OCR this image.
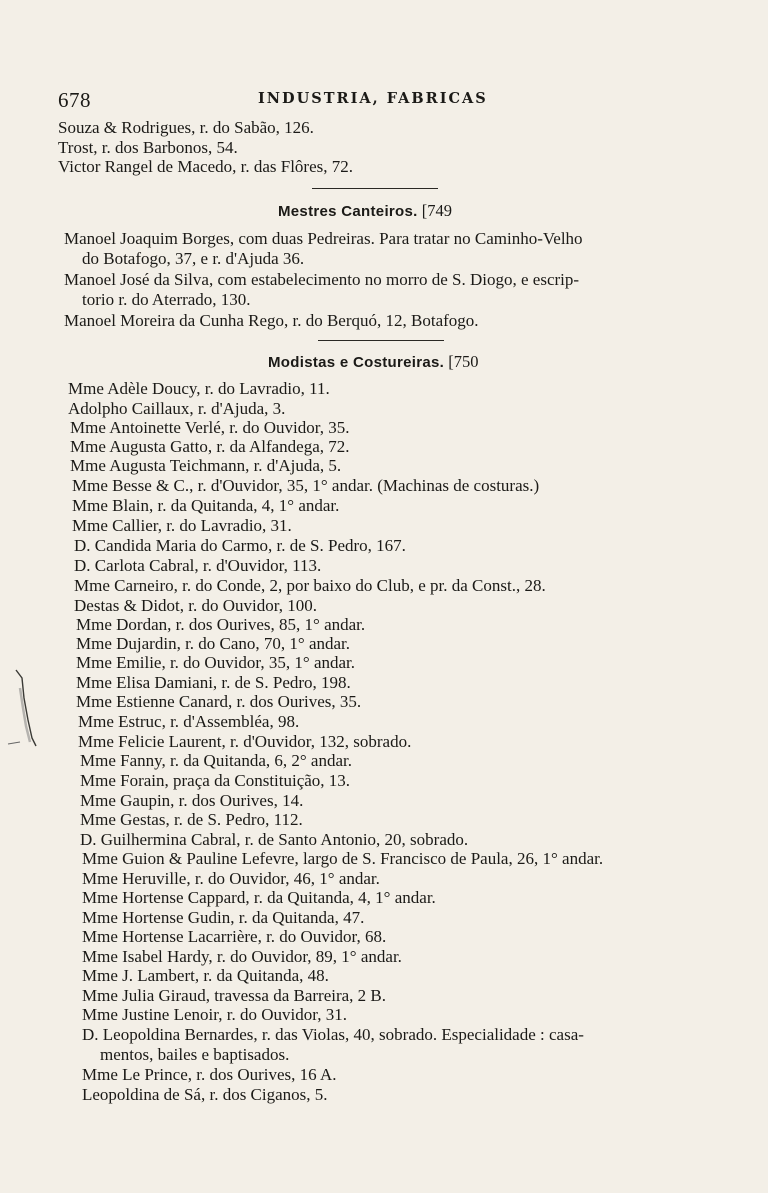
678	INDUSTRIA, FABRICAS
Souza & Rodrigues, r. do Sabão, 126.
Trost, r. dos Barbonos, 54.
Victor Rangel de Macedo, r. das Flôres, 72.
Mestres Canteiros. [749
Manoel Joaquim Borges, com duas Pedreiras. Para tratar no Caminho-Velho
do Botafogo, 37, e r. d'Ajuda 36.
Manoel José da Silva, com estabelecimento no morro de S. Diogo, e escrip-
torio r. do Aterrado, 130.
Manoel Moreira da Cunha Rego, r. do Berquó, 12, Botafogo.
Modistas e Costureiras. [750
Mme Adèle Doucy, r. do Lavradio, 11.
Adolpho Caillaux, r. d'Ajuda, 3.
Mme Antoinette Verlé, r. do Ouvidor, 35.
Mme Augusta Gatto, r. da Alfandega, 72.
Mme Augusta Teichmann, r. d'Ajuda, 5.
Mme Besse & C., r. d'Ouvidor, 35, 1° andar. (Machinas de costuras.)
Mme Blain, r. da Quitanda, 4, 1° andar.
Mme Callier, r. do Lavradio, 31.
D. Candida Maria do Carmo, r. de S. Pedro, 167.
D. Carlota Cabral, r. d'Ouvidor, 113.
Mme Carneiro, r. do Conde, 2, por baixo do Club, e pr. da Const., 28.
Destas & Didot, r. do Ouvidor, 100.
Mme Dordan, r. dos Ourives, 85, 1° andar.
Mme Dujardin, r. do Cano, 70, 1° andar.
Mme Emilie, r. do Ouvidor, 35, 1° andar.
Mme Elisa Damiani, r. de S. Pedro, 198.
Mme Estienne Canard, r. dos Ourives, 35.
Mme Estruc, r. d'Assembléa, 98.
Mme Felicie Laurent, r. d'Ouvidor, 132, sobrado.
Mme Fanny, r. da Quitanda, 6, 2° andar.
Mme Forain, praça da Constituição, 13.
Mme Gaupin, r. dos Ourives, 14.
Mme Gestas, r. de S. Pedro, 112.
D. Guilhermina Cabral, r. de Santo Antonio, 20, sobrado.
Mme Guion & Pauline Lefevre, largo de S. Francisco de Paula, 26, 1° andar.
Mme Heruville, r. do Ouvidor, 46, 1° andar.
Mme Hortense Cappard, r. da Quitanda, 4, 1° andar.
Mme Hortense Gudin, r. da Quitanda, 47.
Mme Hortense Lacarrière, r. do Ouvidor, 68.
Mme Isabel Hardy, r. do Ouvidor, 89, 1° andar.
Mme J. Lambert, r. da Quitanda, 48.
Mme Julia Giraud, travessa da Barreira, 2 B.
Mme Justine Lenoir, r. do Ouvidor, 31.
D. Leopoldina Bernardes, r. das Violas, 40, sobrado. Especialidade : casa-
mentos, bailes e baptisados.
Mme Le Prince, r. dos Ourives, 16 A.
Leopoldina de Sá, r. dos Ciganos, 5.
